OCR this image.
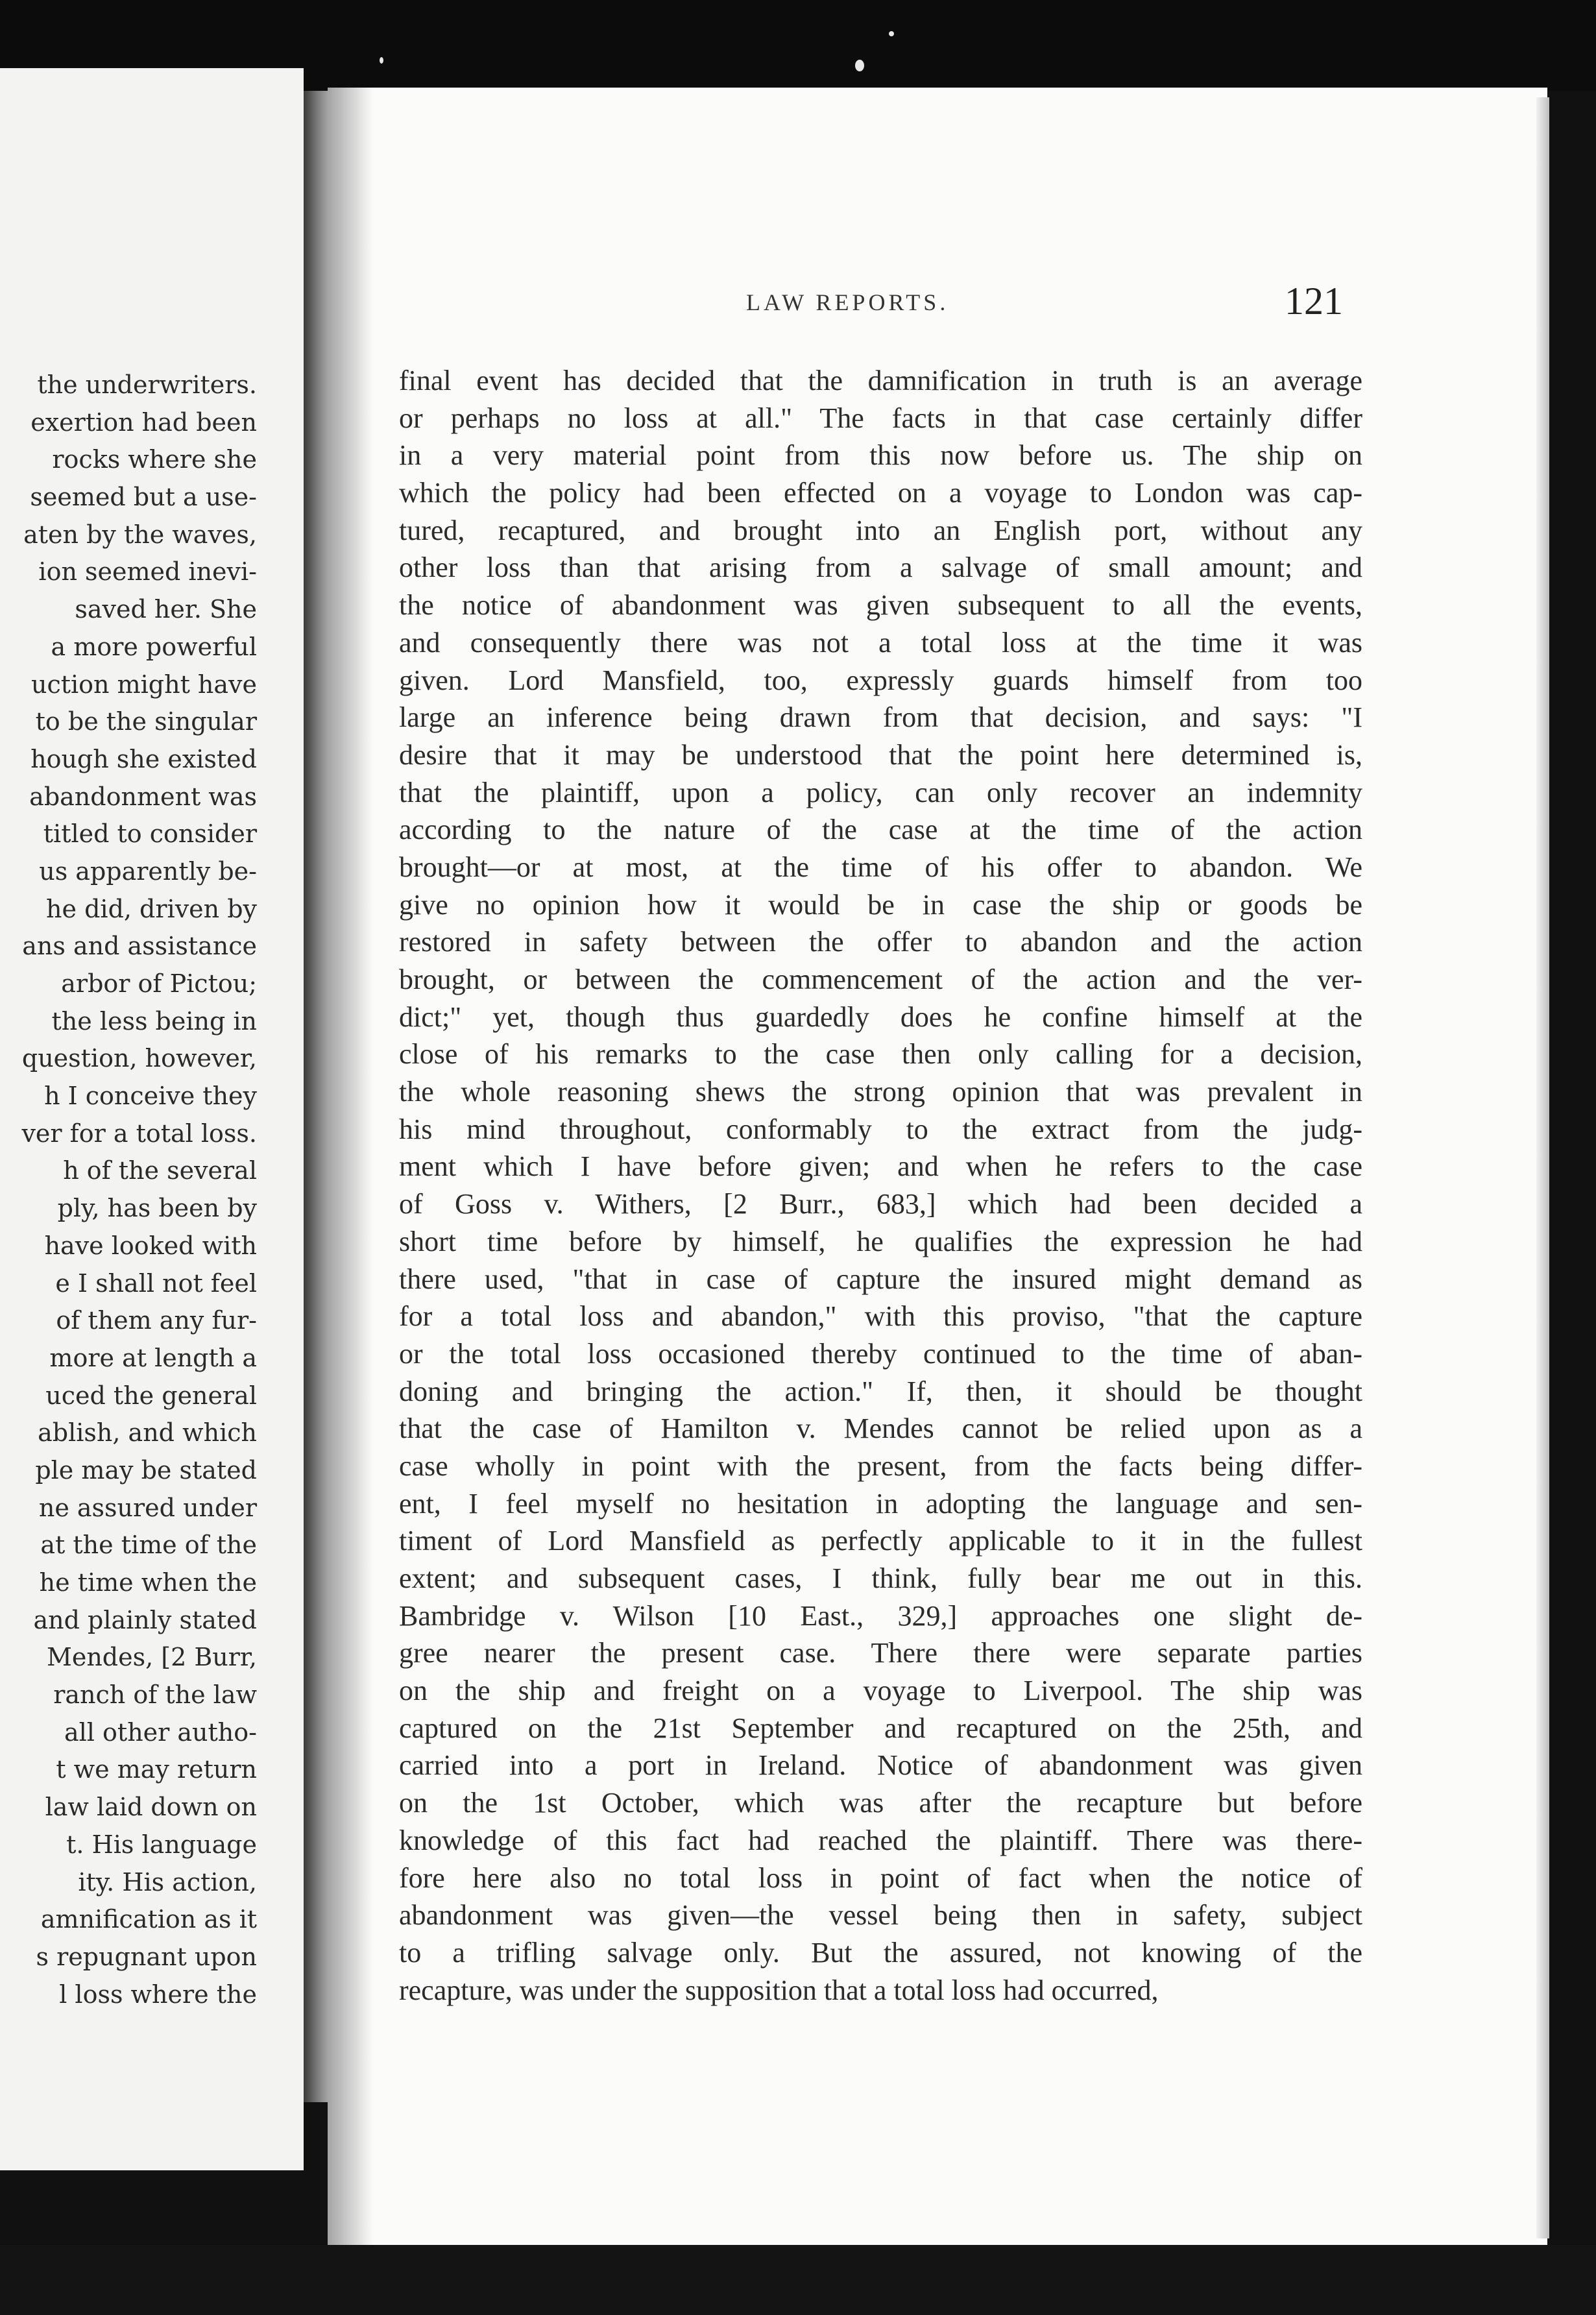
the underwriters.
exertion had been
rocks where she
seemed but a use-
aten by the waves,
ion seemed inevi-
saved her. She
a more powerful
uction might have
to be the singular
hough she existed
abandonment was
titled to consider
us apparently be-
he did, driven by
ans and assistance
arbor of Pictou;
the less being in
question, however,
h I conceive they
ver for a total loss.
h of the several
ply, has been by
have looked with
e I shall not feel
of them any fur-
more at length a
uced the general
ablish, and which
ple may be stated
ne assured under
at the time of the
he time when the
and plainly stated
Mendes, [2 Burr,
ranch of the law
all other autho-
t we may return
law laid down on
t. His language
ity. His action,
amnification as it
s repugnant upon
l loss where the
LAW REPORTS.	121
final event has decided that the damnification in truth is an average
or perhaps no loss at all." The facts in that case certainly differ
in a very material point from this now before us. The ship on
which the policy had been effected on a voyage to London was cap-
tured, recaptured, and brought into an English port, without any
other loss than that arising from a salvage of small amount; and
the notice of abandonment was given subsequent to all the events,
and consequently there was not a total loss at the time it was
given. Lord Mansfield, too, expressly guards himself from too
large an inference being drawn from that decision, and says: "I
desire that it may be understood that the point here determined is,
that the plaintiff, upon a policy, can only recover an indemnity
according to the nature of the case at the time of the action
brought—or at most, at the time of his offer to abandon. We
give no opinion how it would be in case the ship or goods be
restored in safety between the offer to abandon and the action
brought, or between the commencement of the action and the ver-
dict;" yet, though thus guardedly does he confine himself at the
close of his remarks to the case then only calling for a decision,
the whole reasoning shews the strong opinion that was prevalent in
his mind throughout, conformably to the extract from the judg-
ment which I have before given; and when he refers to the case
of Goss v. Withers, [2 Burr., 683,] which had been decided a
short time before by himself, he qualifies the expression he had
there used, "that in case of capture the insured might demand as
for a total loss and abandon," with this proviso, "that the capture
or the total loss occasioned thereby continued to the time of aban-
doning and bringing the action." If, then, it should be thought
that the case of Hamilton v. Mendes cannot be relied upon as a
case wholly in point with the present, from the facts being differ-
ent, I feel myself no hesitation in adopting the language and sen-
timent of Lord Mansfield as perfectly applicable to it in the fullest
extent; and subsequent cases, I think, fully bear me out in this.
Bambridge v. Wilson [10 East., 329,] approaches one slight de-
gree nearer the present case. There there were separate parties
on the ship and freight on a voyage to Liverpool. The ship was
captured on the 21st September and recaptured on the 25th, and
carried into a port in Ireland. Notice of abandonment was given
on the 1st October, which was after the recapture but before
knowledge of this fact had reached the plaintiff. There was there-
fore here also no total loss in point of fact when the notice of
abandonment was given—the vessel being then in safety, subject
to a trifling salvage only. But the assured, not knowing of the
recapture, was under the supposition that a total loss had occurred,
